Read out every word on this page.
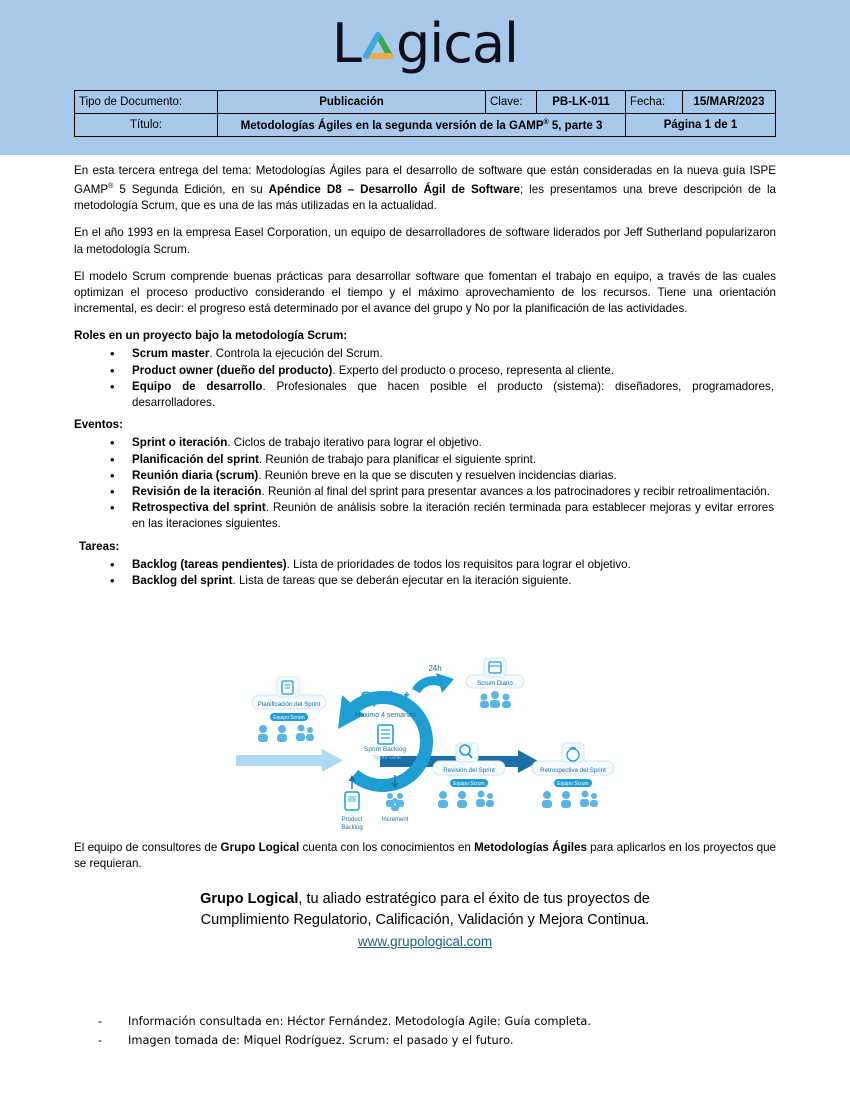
L gical
Tipo de Documento:	Publicación	Clave:	PB-LK-011	Fecha:	15/MAR/2023
Título:	Metodologías Ágiles en la segunda versión de la GAMP® 5, parte 3			Página 1 de 1	

En esta tercera entrega del tema: Metodologías Ágiles para el desarrollo de software que están consideradas en la nueva guía ISPE GAMP® 5 Segunda Edición, en su Apéndice D8 – Desarrollo Ágil de Software; les presentamos una breve descripción de la metodología Scrum, que es una de las más utilizadas en la actualidad.

En el año 1993 en la empresa Easel Corporation, un equipo de desarrolladores de software liderados por Jeff Sutherland popularizaron la metodología Scrum.

El modelo Scrum comprende buenas prácticas para desarrollar software que fomentan el trabajo en equipo, a través de las cuales optimizan el proceso productivo considerando el tiempo y el máximo aprovechamiento de los recursos. Tiene una orientación incremental, es decir: el progreso está determinado por el avance del grupo y No por la planificación de las actividades.

Roles en un proyecto bajo la metodología Scrum:
• Scrum master. Controla la ejecución del Scrum.
• Product owner (dueño del producto). Experto del producto o proceso, representa al cliente.
• Equipo de desarrollo. Profesionales que hacen posible el producto (sistema): diseñadores, programadores, desarrolladores.
Eventos:
• Sprint o iteración. Ciclos de trabajo iterativo para lograr el objetivo.
• Planificación del sprint. Reunión de trabajo para planificar el siguiente sprint.
• Reunión diaria (scrum). Reunión breve en la que se discuten y resuelven incidencias diarias.
• Revisión de la iteración. Reunión al final del sprint para presentar avances a los patrocinadores y recibir retroalimentación.
• Retrospectiva del sprint. Reunión de análisis sobre la iteración recién terminada para establecer mejoras y evitar errores en las iteraciones siguientes.
Tareas:
• Backlog (tareas pendientes). Lista de prioridades de todos los requisitos para lograr el objetivo.
• Backlog del sprint. Lista de tareas que se deberán ejecutar en la iteración siguiente.
24h
Sprint
Máximo 4 semanas
Sprint Backlog
Sprint Goal
Planificación del Sprint
Equipo Scrum
Scrum Diario
Product
Backlog
Increment
Revisión del Sprint
Equipo Scrum
Retrospectiva del Sprint
Equipo Scrum

El equipo de consultores de Grupo Logical cuenta con los conocimientos en Metodologías Ágiles para aplicarlos en los proyectos que se requieran.

Grupo Logical, tu aliado estratégico para el éxito de tus proyectos de
Cumplimiento Regulatorio, Calificación, Validación y Mejora Continua.
www.grupological.com
- Información consultada en: Héctor Fernández. Metodología Agile: Guía completa.
- Imagen tomada de: Miquel Rodríguez. Scrum: el pasado y el futuro.
